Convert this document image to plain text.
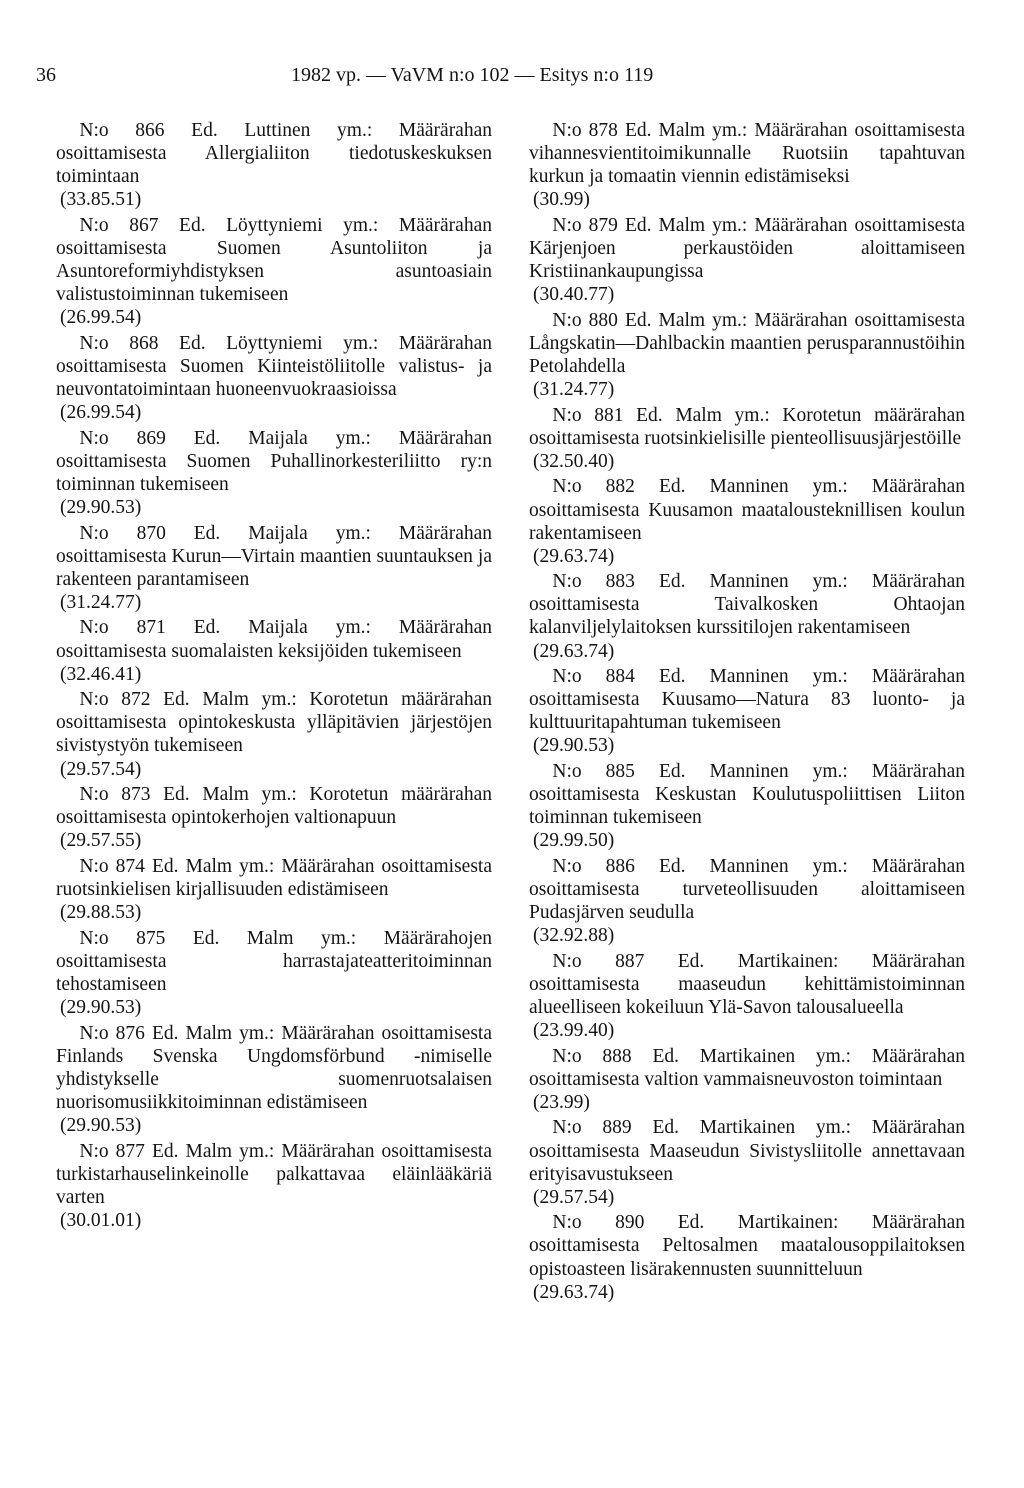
36	1982 vp. — VaVM n:o 102 — Esitys n:o 119
N:o 866 Ed. Luttinen ym.: Määrärahan osoittamisesta Allergialiiton tiedotuskeskuksen toimintaan
(33.85.51)
N:o 867 Ed. Löyttyniemi ym.: Määrärahan osoittamisesta Suomen Asuntoliiton ja Asuntoreformiyhdistyksen asuntoasiain valistustoiminnan tukemiseen
(26.99.54)
N:o 868 Ed. Löyttyniemi ym.: Määrärahan osoittamisesta Suomen Kiinteistöliitolle valistus- ja neuvontatoimintaan huoneenvuokraasioissa
(26.99.54)
N:o 869 Ed. Maijala ym.: Määrärahan osoittamisesta Suomen Puhallinorkesteriliitto ry:n toiminnan tukemiseen
(29.90.53)
N:o 870 Ed. Maijala ym.: Määrärahan osoittamisesta Kurun—Virtain maantien suuntauksen ja rakenteen parantamiseen
(31.24.77)
N:o 871 Ed. Maijala ym.: Määrärahan osoittamisesta suomalaisten keksijöiden tukemiseen
(32.46.41)
N:o 872 Ed. Malm ym.: Korotetun määrärahan osoittamisesta opintokeskusta ylläpitävien järjestöjen sivistystyön tukemiseen
(29.57.54)
N:o 873 Ed. Malm ym.: Korotetun määrärahan osoittamisesta opintokerhojen valtionapuun
(29.57.55)
N:o 874 Ed. Malm ym.: Määrärahan osoittamisesta ruotsinkielisen kirjallisuuden edistämiseen
(29.88.53)
N:o 875 Ed. Malm ym.: Määrärahojen osoittamisesta harrastajateatteritoiminnan tehostamiseen
(29.90.53)
N:o 876 Ed. Malm ym.: Määrärahan osoittamisesta Finlands Svenska Ungdomsförbund -nimiselle yhdistykselle suomenruotsalaisen nuorisomusiikkitoiminnan edistämiseen
(29.90.53)
N:o 877 Ed. Malm ym.: Määrärahan osoittamisesta turkistarhauselinkeinolle palkattavaa eläinlääkäriä varten
(30.01.01)
N:o 878 Ed. Malm ym.: Määrärahan osoittamisesta vihannesvientitoimikunnalle Ruotsiin tapahtuvan kurkun ja tomaatin viennin edistämiseksi
(30.99)
N:o 879 Ed. Malm ym.: Määrärahan osoittamisesta Kärjenjoen perkaustöiden aloittamiseen Kristiinankaupungissa
(30.40.77)
N:o 880 Ed. Malm ym.: Määrärahan osoittamisesta Långskatin—Dahlbackin maantien perusparannustöihin Petolahdella
(31.24.77)
N:o 881 Ed. Malm ym.: Korotetun määrärahan osoittamisesta ruotsinkielisille pienteollisuusjärjestöille
(32.50.40)
N:o 882 Ed. Manninen ym.: Määrärahan osoittamisesta Kuusamon maatalousteknillisen koulun rakentamiseen
(29.63.74)
N:o 883 Ed. Manninen ym.: Määrärahan osoittamisesta Taivalkosken Ohtaojan kalanviljelylaitoksen kurssitilojen rakentamiseen
(29.63.74)
N:o 884 Ed. Manninen ym.: Määrärahan osoittamisesta Kuusamo—Natura 83 luonto- ja kulttuuritapahtuman tukemiseen
(29.90.53)
N:o 885 Ed. Manninen ym.: Määrärahan osoittamisesta Keskustan Koulutuspoliittisen Liiton toiminnan tukemiseen
(29.99.50)
N:o 886 Ed. Manninen ym.: Määrärahan osoittamisesta turveteollisuuden aloittamiseen Pudasjärven seudulla
(32.92.88)
N:o 887 Ed. Martikainen: Määrärahan osoittamisesta maaseudun kehittämistoiminnan alueelliseen kokeiluun Ylä-Savon talousalueella
(23.99.40)
N:o 888 Ed. Martikainen ym.: Määrärahan osoittamisesta valtion vammaisneuvoston toimintaan
(23.99)
N:o 889 Ed. Martikainen ym.: Määrärahan osoittamisesta Maaseudun Sivistysliitolle annettavaan erityisavustukseen
(29.57.54)
N:o 890 Ed. Martikainen: Määrärahan osoittamisesta Peltosalmen maatalousoppilaitoksen opistoasteen lisärakennusten suunnitteluun
(29.63.74)
